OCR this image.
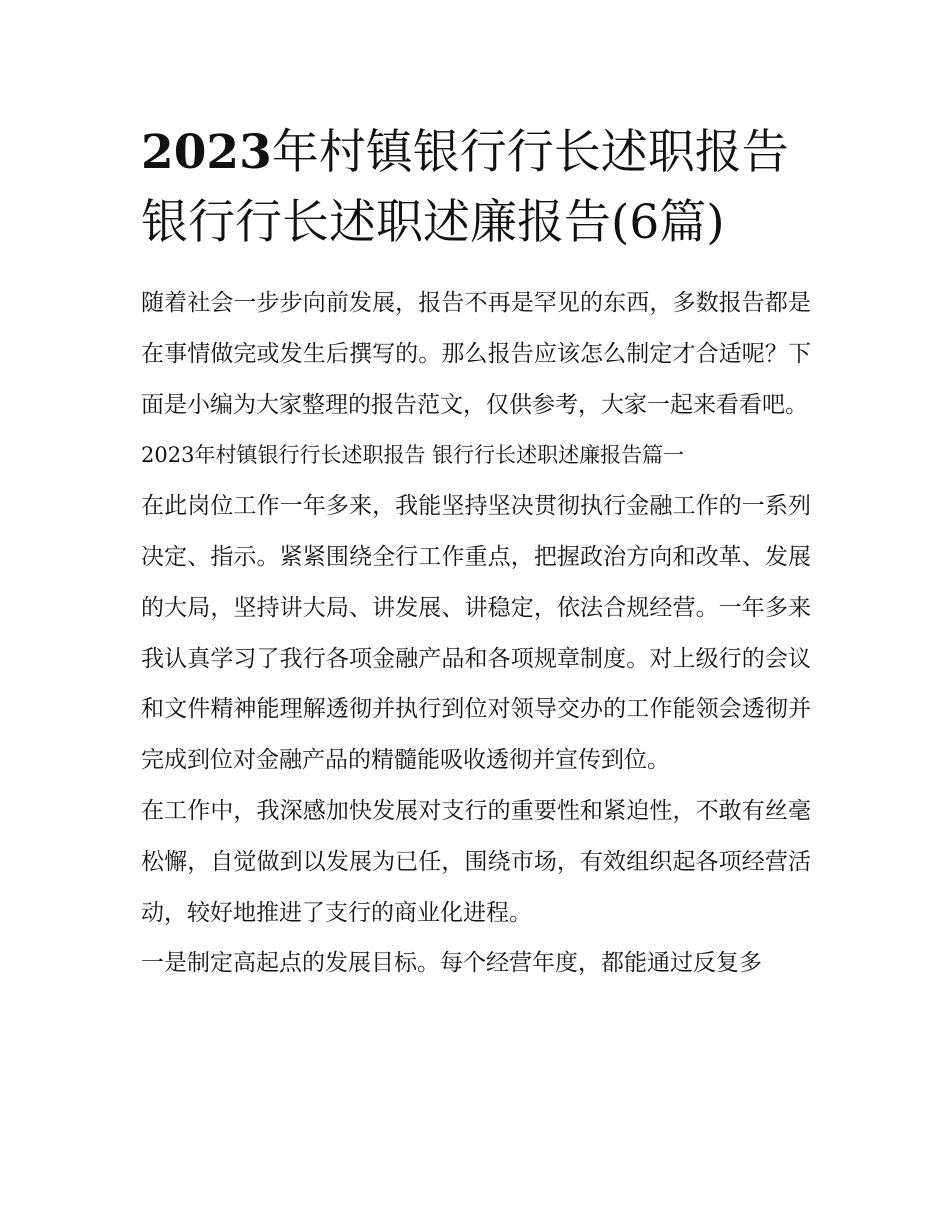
2023年村镇银行行长述职报告银行行长述职述廉报告(6篇)

随着社会一步步向前发展，报告不再是罕见的东西，多数报告都是在事情做完或发生后撰写的。那么报告应该怎么制定才合适呢？下面是小编为大家整理的报告范文，仅供参考，大家一起来看看吧。

2023年村镇银行行长述职报告 银行行长述职述廉报告篇一

在此岗位工作一年多来，我能坚持坚决贯彻执行金融工作的一系列决定、指示。紧紧围绕全行工作重点，把握政治方向和改革、发展的大局，坚持讲大局、讲发展、讲稳定，依法合规经营。一年多来我认真学习了我行各项金融产品和各项规章制度。对上级行的会议和文件精神能理解透彻并执行到位对领导交办的工作能领会透彻并完成到位对金融产品的精髓能吸收透彻并宣传到位。

在工作中，我深感加快发展对支行的重要性和紧迫性，不敢有丝毫松懈，自觉做到以发展为已任，围绕市场，有效组织起各项经营活动，较好地推进了支行的商业化进程。

一是制定高起点的发展目标。每个经营年度，都能通过反复多
